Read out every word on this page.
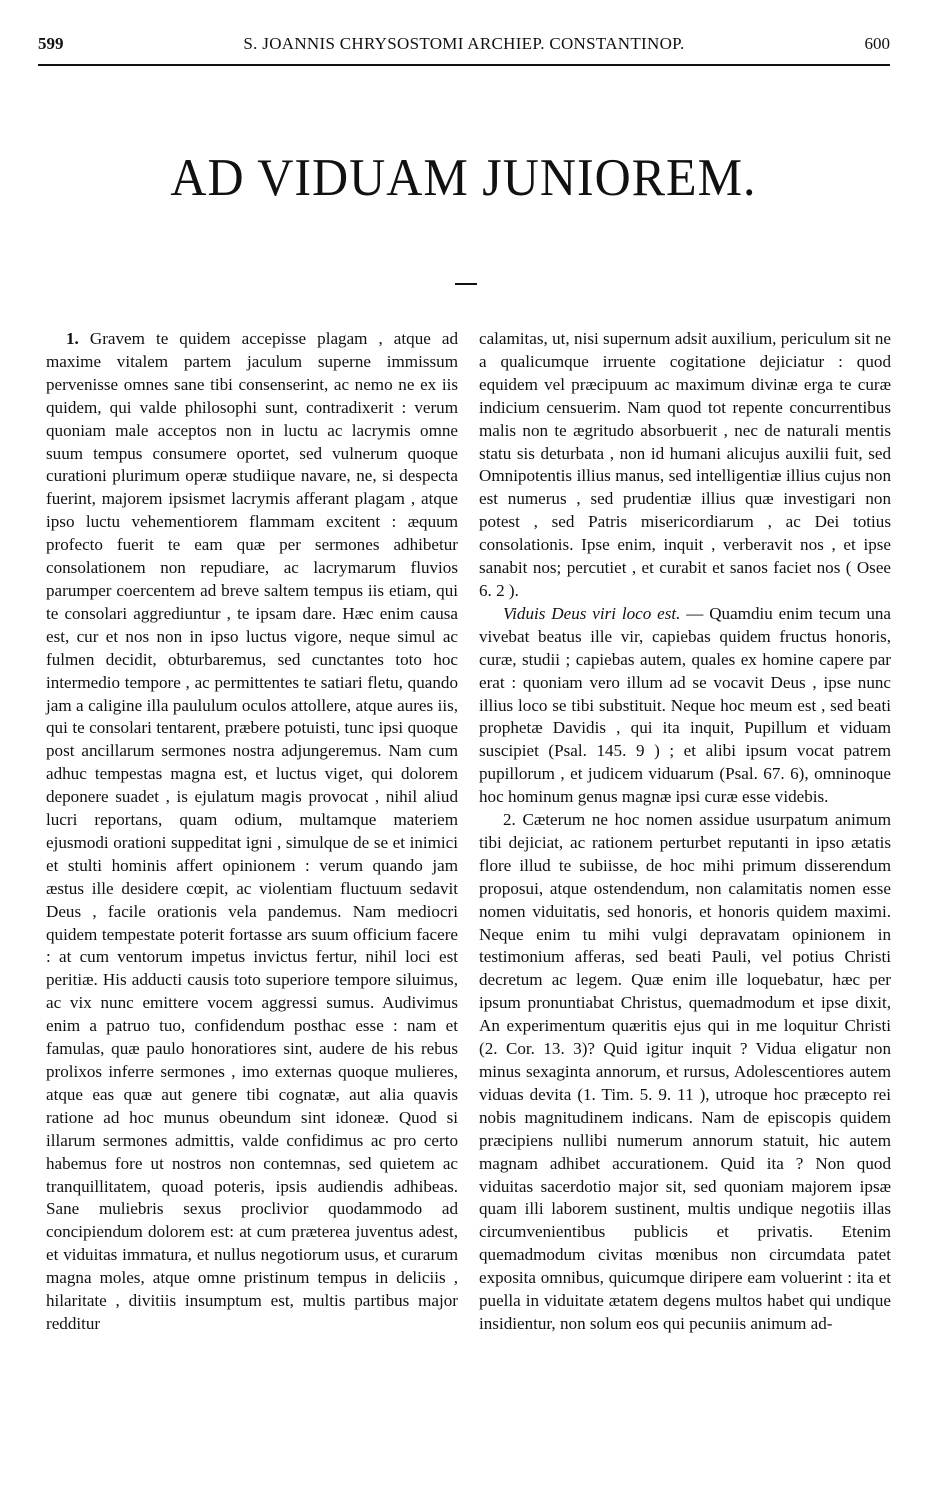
599	S. JOANNIS CHRYSOSTOMI ARCHIEP. CONSTANTINOP.	600
AD VIDUAM JUNIOREM.

1. Gravem te quidem accepisse plagam , atque ad maxime vitalem partem jaculum superne immissum pervenisse omnes sane tibi consenserint, ac nemo ne ex iis quidem, qui valde philosophi sunt, contradixerit : verum quoniam male acceptos non in luctu ac lacrymis omne suum tempus consumere oportet, sed vulnerum quoque curationi plurimum operæ studiique navare, ne, si despecta fuerint, majorem ipsismet lacrymis afferant plagam , atque ipso luctu vehementiorem flammam excitent : æquum profecto fuerit te eam quæ per sermones adhibetur consolationem non repudiare, ac lacrymarum fluvios parumper coercentem ad breve saltem tempus iis etiam, qui te consolari aggrediuntur , te ipsam dare. Hæc enim causa est, cur et nos non in ipso luctus vigore, neque simul ac fulmen decidit, obturbaremus, sed cunctantes toto hoc intermedio tempore , ac permittentes te satiari fletu, quando jam a caligine illa paululum oculos attollere, atque aures iis, qui te consolari tentarent, præbere potuisti, tunc ipsi quoque post ancillarum sermones nostra adjungeremus. Nam cum adhuc tempestas magna est, et luctus viget, qui dolorem deponere suadet , is ejulatum magis provocat , nihil aliud lucri reportans, quam odium, multamque materiem ejusmodi orationi suppeditat igni , simulque de se et inimici et stulti hominis affert opinionem : verum quando jam æstus ille desidere cœpit, ac violentiam fluctuum sedavit Deus , facile orationis vela pandemus. Nam mediocri quidem tempestate poterit fortasse ars suum officium facere : at cum ventorum impetus invictus fertur, nihil loci est peritiæ. His adducti causis toto superiore tempore siluimus, ac vix nunc emittere vocem aggressi sumus. Audivimus enim a patruo tuo, confidendum posthac esse : nam et famulas, quæ paulo honoratiores sint, audere de his rebus prolixos inferre sermones , imo externas quoque mulieres, atque eas quæ aut genere tibi cognatæ, aut alia quavis ratione ad hoc munus obeundum sint idoneæ. Quod si illarum sermones admittis, valde confidimus ac pro certo habemus fore ut nostros non contemnas, sed quietem ac tranquillitatem, quoad poteris, ipsis audiendis adhibeas. Sane muliebris sexus proclivior quodammodo ad concipiendum dolorem est: at cum præterea juventus adest, et viduitas immatura, et nullus negotiorum usus, et curarum magna moles, atque omne pristinum tempus in deliciis , hilaritate , divitiis insumptum est, multis partibus major redditur

calamitas, ut, nisi supernum adsit auxilium, periculum sit ne a qualicumque irruente cogitatione dejiciatur : quod equidem vel præcipuum ac maximum divinæ erga te curæ indicium censuerim. Nam quod tot repente concurrentibus malis non te ægritudo absorbuerit , nec de naturali mentis statu sis deturbata , non id humani alicujus auxilii fuit, sed Omnipotentis illius manus, sed intelligentiæ illius cujus non est numerus , sed prudentiæ illius quæ investigari non potest , sed Patris misericordiarum , ac Dei totius consolationis. Ipse enim, inquit , verberavit nos , et ipse sanabit nos; percutiet , et curabit et sanos faciet nos ( Osee 6. 2 ).

Viduis Deus viri loco est. — Quamdiu enim tecum una vivebat beatus ille vir, capiebas quidem fructus honoris, curæ, studii ; capiebas autem, quales ex homine capere par erat : quoniam vero illum ad se vocavit Deus , ipse nunc illius loco se tibi substituit. Neque hoc meum est , sed beati prophetæ Davidis , qui ita inquit, Pupillum et viduam suscipiet (Psal. 145. 9 ) ; et alibi ipsum vocat patrem pupillorum , et judicem viduarum (Psal. 67. 6), omninoque hoc hominum genus magnæ ipsi curæ esse videbis.

2. Cæterum ne hoc nomen assidue usurpatum animum tibi dejiciat, ac rationem perturbet reputanti in ipso ætatis flore illud te subiisse, de hoc mihi primum disserendum proposui, atque ostendendum, non calamitatis nomen esse nomen viduitatis, sed honoris, et honoris quidem maximi. Neque enim tu mihi vulgi depravatam opinionem in testimonium afferas, sed beati Pauli, vel potius Christi decretum ac legem. Quæ enim ille loquebatur, hæc per ipsum pronuntiabat Christus, quemadmodum et ipse dixit, An experimentum quæritis ejus qui in me loquitur Christi (2. Cor. 13. 3)? Quid igitur inquit ? Vidua eligatur non minus sexaginta annorum, et rursus, Adolescentiores autem viduas devita (1. Tim. 5. 9. 11 ), utroque hoc præcepto rei nobis magnitudinem indicans. Nam de episcopis quidem præcipiens nullibi numerum annorum statuit, hic autem magnam adhibet accurationem. Quid ita ? Non quod viduitas sacerdotio major sit, sed quoniam majorem ipsæ quam illi laborem sustinent, multis undique negotiis illas circumvenientibus publicis et privatis. Etenim quemadmodum civitas mœnibus non circumdata patet exposita omnibus, quicumque diripere eam voluerint : ita et puella in viduitate ætatem degens multos habet qui undique insidientur, non solum eos qui pecuniis animum ad-
